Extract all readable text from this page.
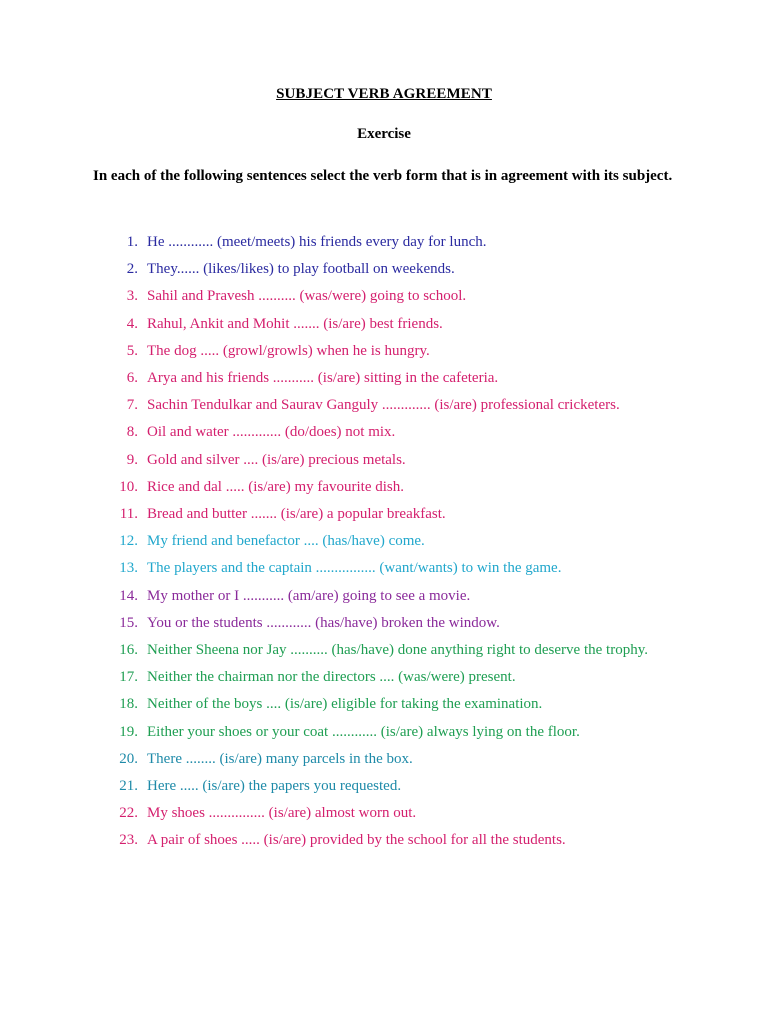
SUBJECT VERB AGREEMENT
Exercise
In each of the following sentences select the verb form that is in agreement with its subject.
1. He ............ (meet/meets) his friends every day for lunch.
2. They...... (likes/likes) to play football on weekends.
3. Sahil and Pravesh .......... (was/were) going to school.
4. Rahul, Ankit and Mohit ....... (is/are) best friends.
5. The dog ..... (growl/growls) when he is hungry.
6. Arya and his friends ........... (is/are) sitting in the cafeteria.
7. Sachin Tendulkar and Saurav Ganguly ............. (is/are) professional cricketers.
8. Oil and water ............. (do/does) not mix.
9. Gold and silver .... (is/are) precious metals.
10. Rice and dal ..... (is/are) my favourite dish.
11. Bread and butter ....... (is/are) a popular breakfast.
12. My friend and benefactor .... (has/have) come.
13. The players and the captain ................ (want/wants) to win the game.
14. My mother or I ........... (am/are) going to see a movie.
15. You or the students ............ (has/have) broken the window.
16. Neither Sheena nor Jay .......... (has/have) done anything right to deserve the trophy.
17. Neither the chairman nor the directors .... (was/were) present.
18. Neither of the boys .... (is/are) eligible for taking the examination.
19. Either your shoes or your coat ............ (is/are) always lying on the floor.
20. There ........ (is/are) many parcels in the box.
21. Here ..... (is/are) the papers you requested.
22. My shoes ............... (is/are) almost worn out.
23. A pair of shoes ..... (is/are) provided by the school for all the students.
